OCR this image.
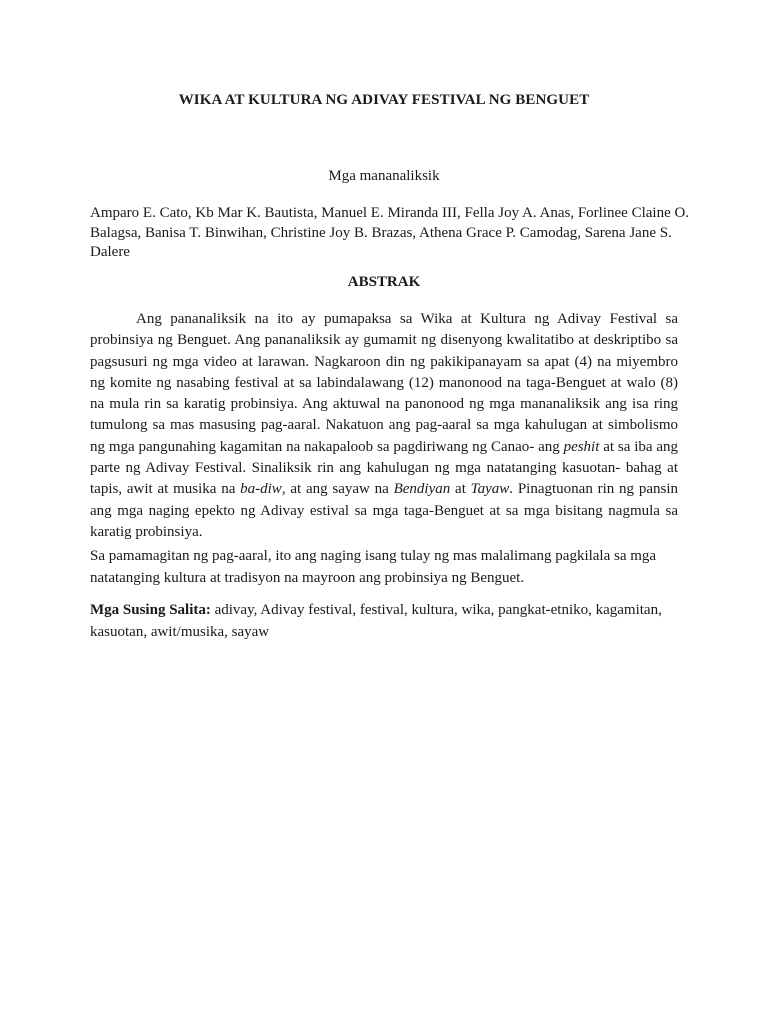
WIKA AT KULTURA NG ADIVAY FESTIVAL NG BENGUET
Mga mananaliksik
Amparo E. Cato, Kb Mar K. Bautista, Manuel E. Miranda III, Fella Joy A. Anas, Forlinee Claine O. Balagsa, Banisa T. Binwihan, Christine Joy B. Brazas, Athena Grace P. Camodag, Sarena Jane S. Dalere
ABSTRAK

Ang pananaliksik na ito ay pumapaksa sa Wika at Kultura ng Adivay Festival sa probinsiya ng Benguet. Ang pananaliksik ay gumamit ng disenyong kwalitatibo at deskriptibo sa pagsusuri ng mga video at larawan. Nagkaroon din ng pakikipanayam sa apat (4) na miyembro ng komite ng nasabing festival at sa labindalawang (12) manonood na taga-Benguet at walo (8) na mula rin sa karatig probinsiya. Ang aktuwal na panonood ng mga mananaliksik ang isa ring tumulong sa mas masusing pag-aaral. Nakatuon ang pag-aaral sa mga kahulugan at simbolismo ng mga pangunahing kagamitan na nakapaloob sa pagdiriwang ng Canao- ang peshit at sa iba ang parte ng Adivay Festival. Sinaliksik rin ang kahulugan ng mga natatanging kasuotan- bahag at tapis, awit at musika na ba-diw, at ang sayaw na Bendiyan at Tayaw. Pinagtuonan rin ng pansin ang mga naging epekto ng Adivay estival sa mga taga-Benguet at sa mga bisitang nagmula sa karatig probinsiya.

Sa pamamagitan ng pag-aaral, ito ang naging isang tulay ng mas malalimang pagkilala sa mga natatanging kultura at tradisyon na mayroon ang probinsiya ng Benguet.

Mga Susing Salita: adivay, Adivay festival, festival, kultura, wika, pangkat-etniko, kagamitan, kasuotan, awit/musika, sayaw
